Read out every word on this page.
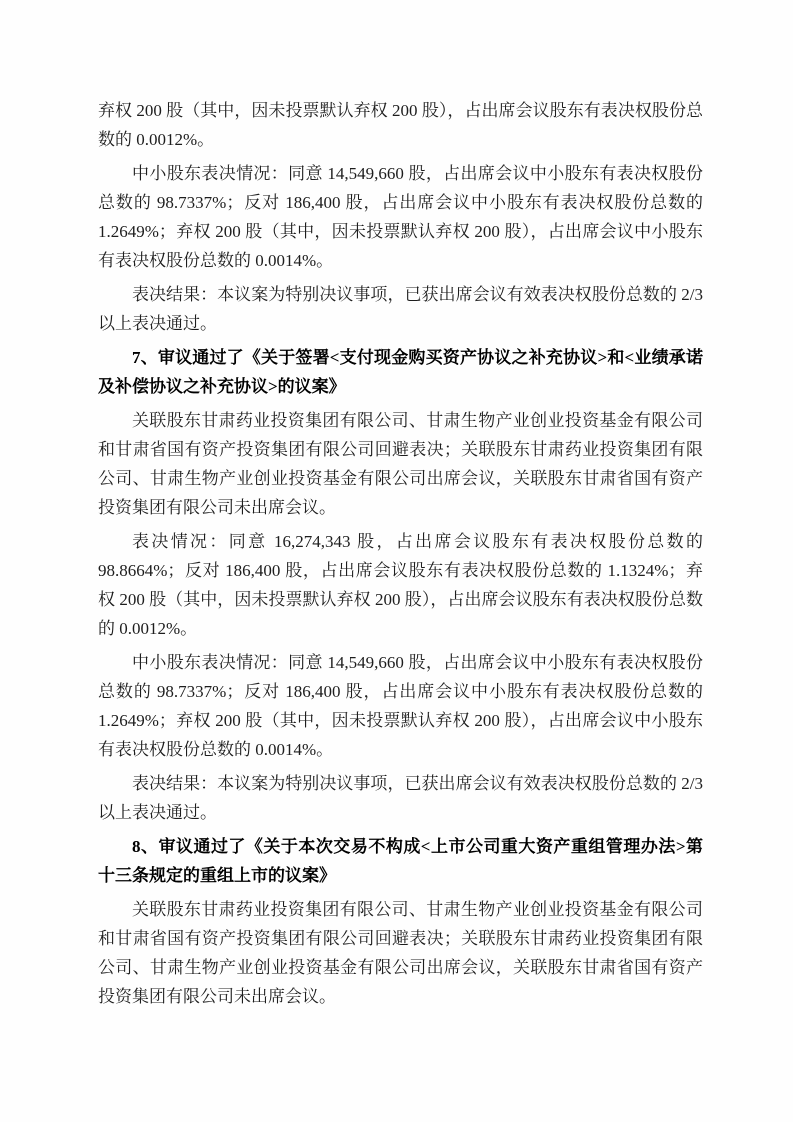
弃权 200 股（其中，因未投票默认弃权 200 股），占出席会议股东有表决权股份总数的 0.0012%。

中小股东表决情况：同意 14,549,660 股，占出席会议中小股东有表决权股份总数的 98.7337%；反对 186,400 股，占出席会议中小股东有表决权股份总数的 1.2649%；弃权 200 股（其中，因未投票默认弃权 200 股），占出席会议中小股东有表决权股份总数的 0.0014%。

表决结果：本议案为特别决议事项，已获出席会议有效表决权股份总数的 2/3 以上表决通过。

7、审议通过了《关于签署<支付现金购买资产协议之补充协议>和<业绩承诺及补偿协议之补充协议>的议案》

关联股东甘肃药业投资集团有限公司、甘肃生物产业创业投资基金有限公司和甘肃省国有资产投资集团有限公司回避表决；关联股东甘肃药业投资集团有限公司、甘肃生物产业创业投资基金有限公司出席会议，关联股东甘肃省国有资产投资集团有限公司未出席会议。

表决情况：同意 16,274,343 股，占出席会议股东有表决权股份总数的 98.8664%；反对 186,400 股，占出席会议股东有表决权股份总数的 1.1324%；弃权 200 股（其中，因未投票默认弃权 200 股），占出席会议股东有表决权股份总数的 0.0012%。

中小股东表决情况：同意 14,549,660 股，占出席会议中小股东有表决权股份总数的 98.7337%；反对 186,400 股，占出席会议中小股东有表决权股份总数的 1.2649%；弃权 200 股（其中，因未投票默认弃权 200 股），占出席会议中小股东有表决权股份总数的 0.0014%。

表决结果：本议案为特别决议事项，已获出席会议有效表决权股份总数的 2/3 以上表决通过。

8、审议通过了《关于本次交易不构成<上市公司重大资产重组管理办法>第十三条规定的重组上市的议案》

关联股东甘肃药业投资集团有限公司、甘肃生物产业创业投资基金有限公司和甘肃省国有资产投资集团有限公司回避表决；关联股东甘肃药业投资集团有限公司、甘肃生物产业创业投资基金有限公司出席会议，关联股东甘肃省国有资产投资集团有限公司未出席会议。
